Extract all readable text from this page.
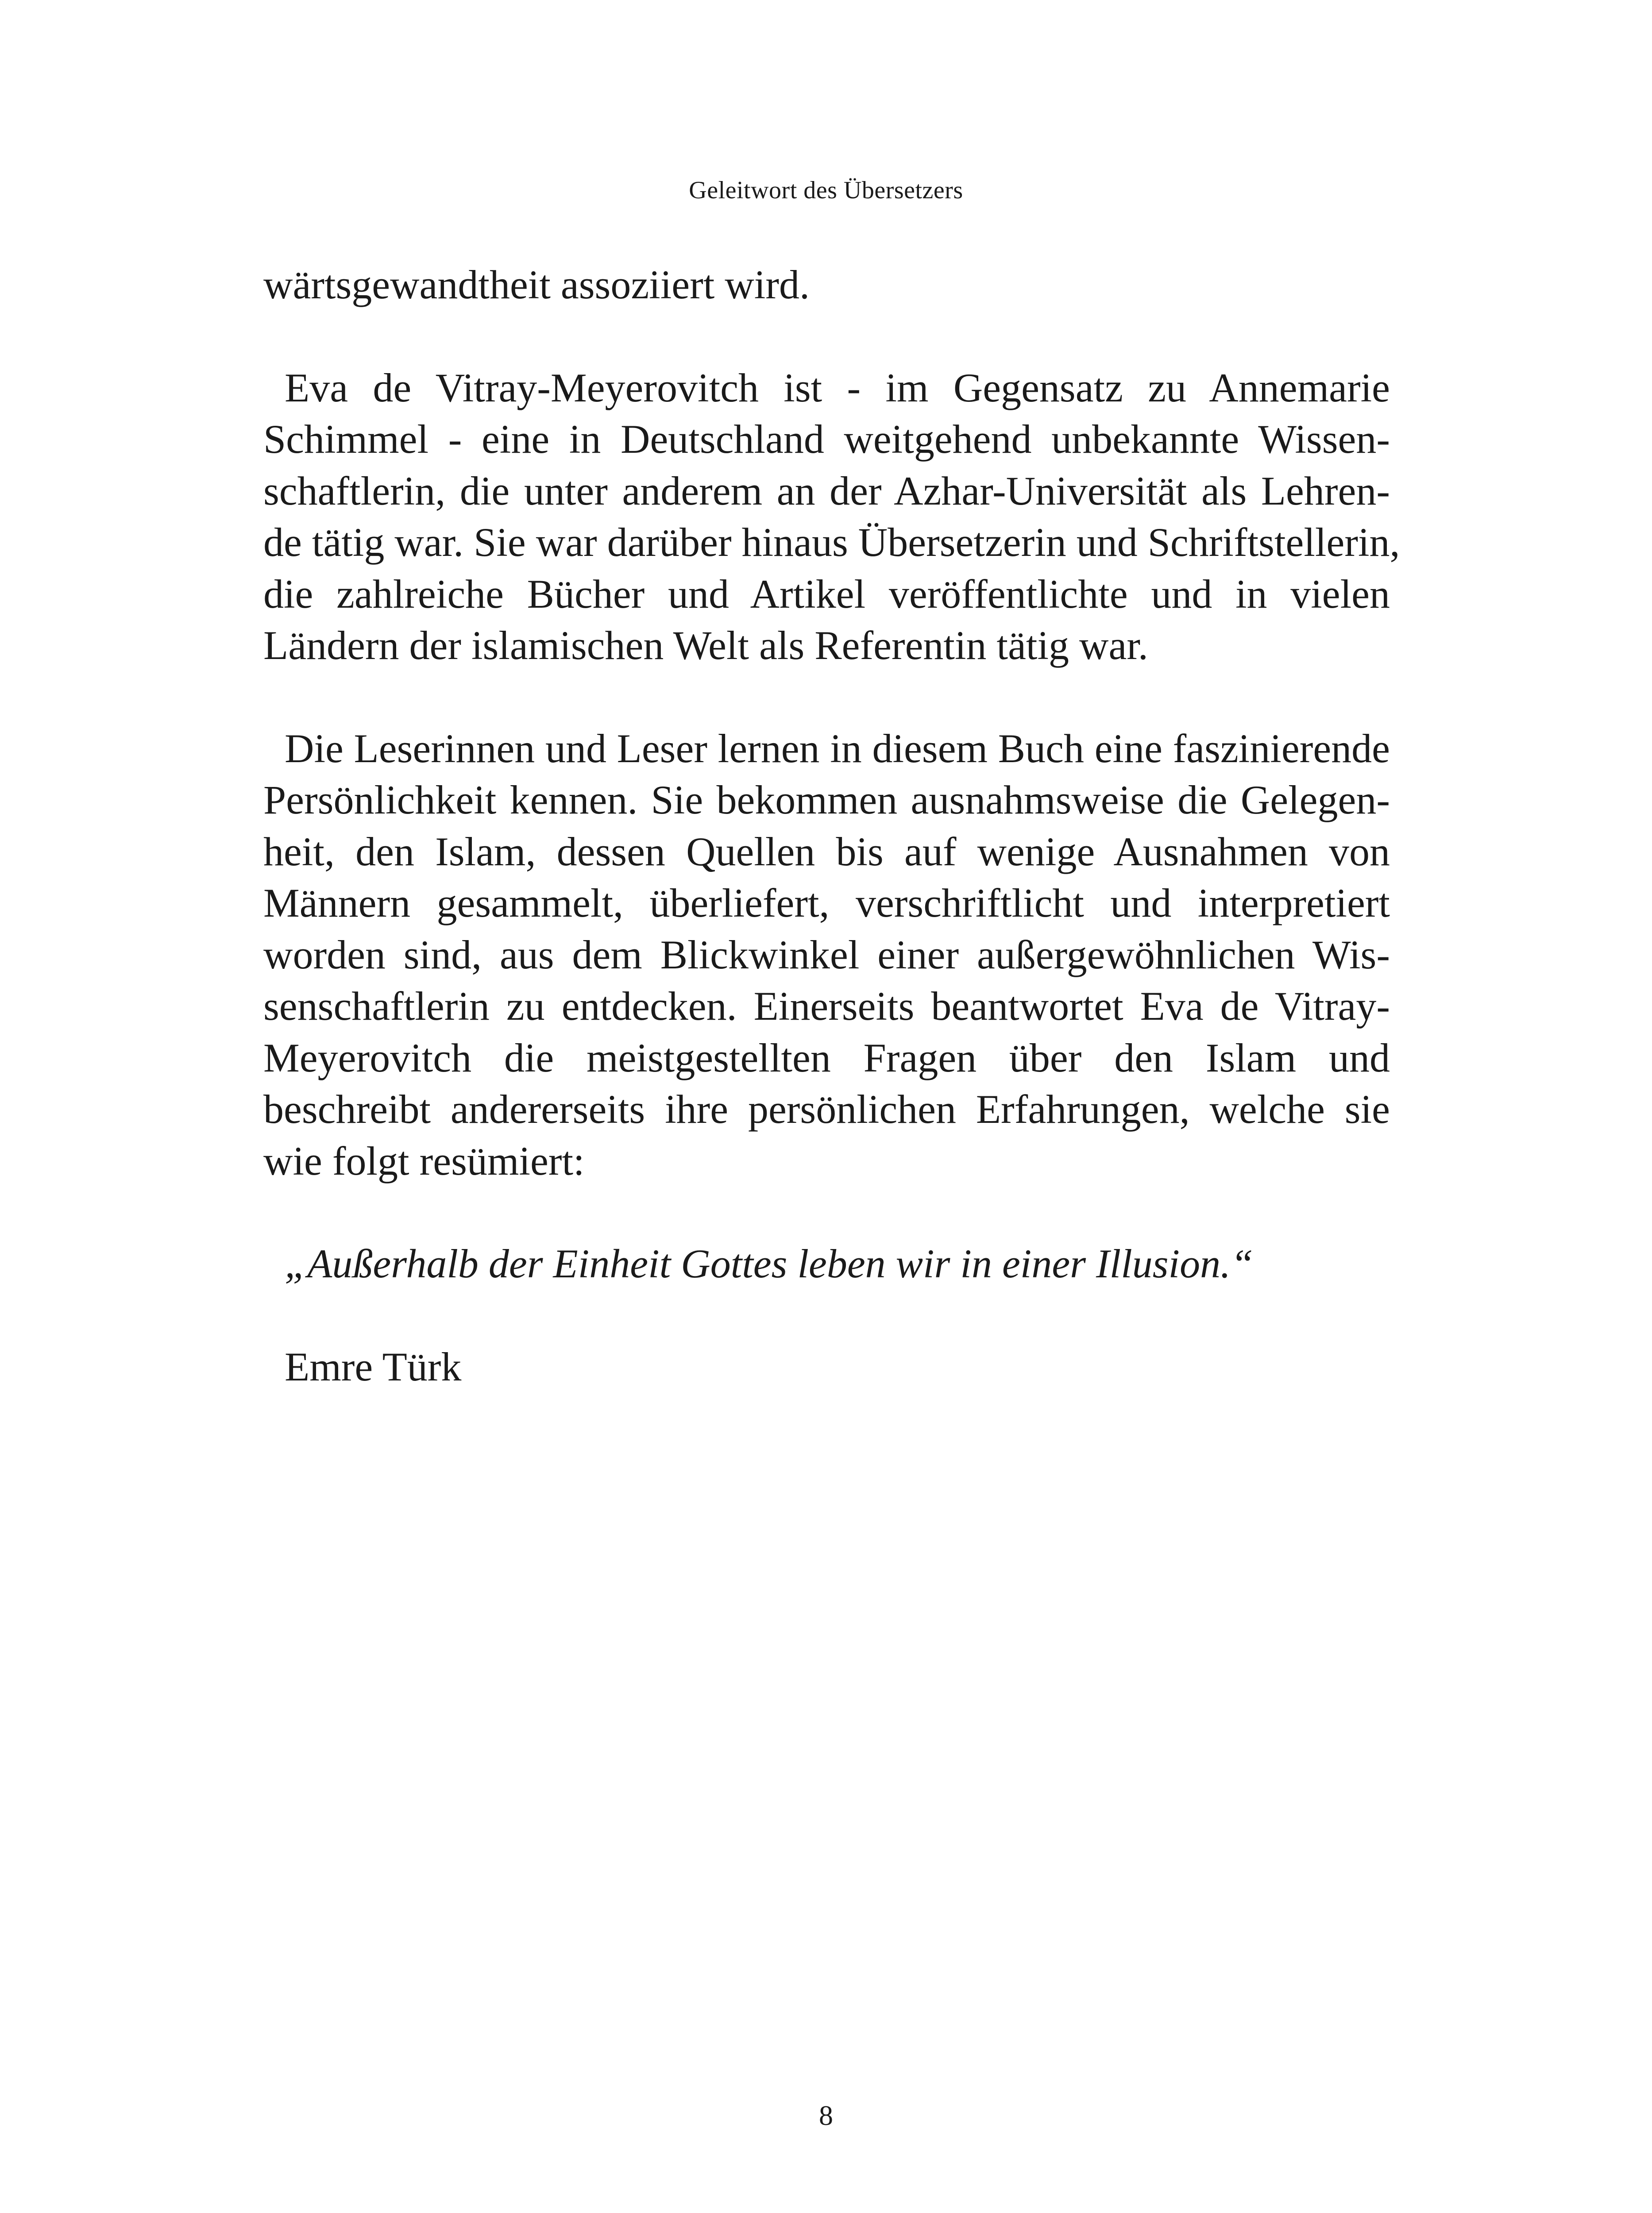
Geleitwort des Übersetzers

wärtsgewandtheit assoziiert wird.

Eva de Vitray-Meyerovitch ist - im Gegensatz zu Annemarie
Schimmel - eine in Deutschland weitgehend unbekannte Wissen-
schaftlerin, die unter anderem an der Azhar-Universität als Lehren-
de tätig war. Sie war darüber hinaus Übersetzerin und Schriftstellerin,
die zahlreiche Bücher und Artikel veröffentlichte und in vielen
Ländern der islamischen Welt als Referentin tätig war.

Die Leserinnen und Leser lernen in diesem Buch eine faszinierende
Persönlichkeit kennen. Sie bekommen ausnahmsweise die Gelegen-
heit, den Islam, dessen Quellen bis auf wenige Ausnahmen von
Männern gesammelt, überliefert, verschriftlicht und interpretiert
worden sind, aus dem Blickwinkel einer außergewöhnlichen Wis-
senschaftlerin zu entdecken. Einerseits beantwortet Eva de Vitray-
Meyerovitch die meistgestellten Fragen über den Islam und
beschreibt andererseits ihre persönlichen Erfahrungen, welche sie
wie folgt resümiert:

„Außerhalb der Einheit Gottes leben wir in einer Illusion.“

Emre Türk

8
